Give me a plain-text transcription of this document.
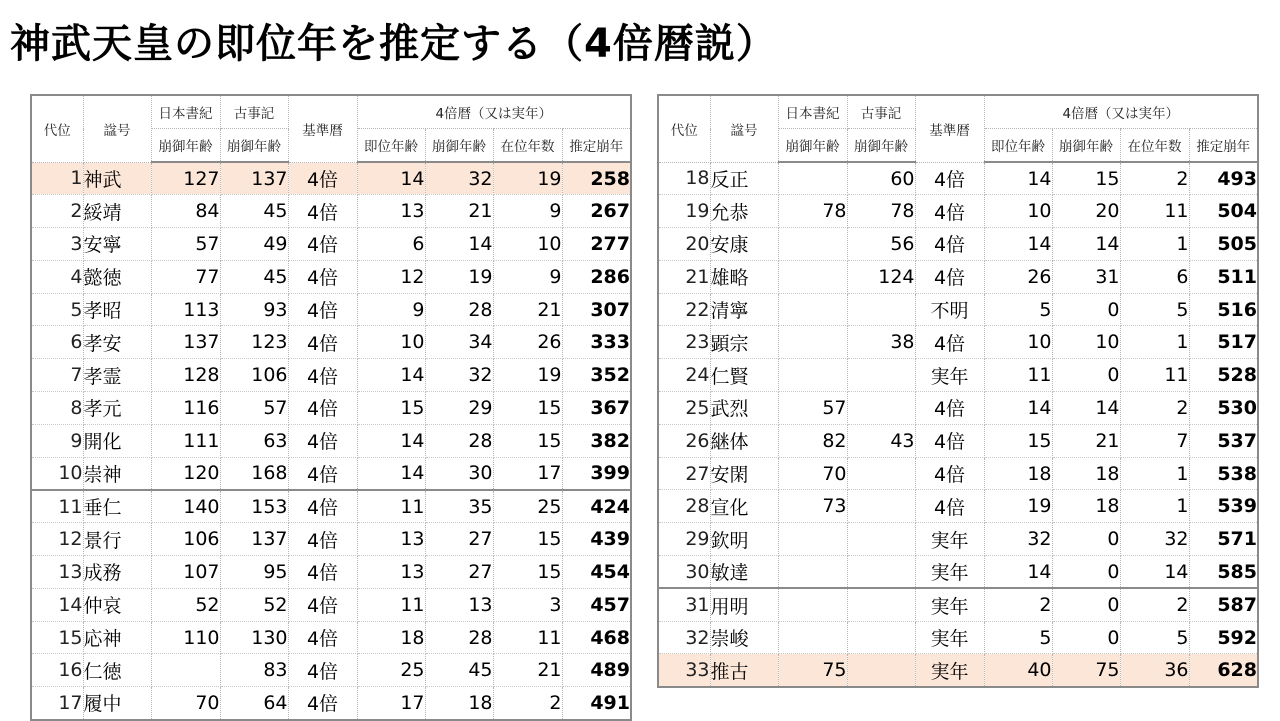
神武天皇の即位年を推定する（4倍暦説）
代位	諡号	日本書紀	古事記	基準暦	4倍暦（又は実年）			
		崩御年齢	崩御年齢		即位年齢	崩御年齢	在位年数	推定崩年
1	神武	127	137	4倍	14	32	19	258
2	綏靖	84	45	4倍	13	21	9	267
3	安寧	57	49	4倍	6	14	10	277
4	懿徳	77	45	4倍	12	19	9	286
5	孝昭	113	93	4倍	9	28	21	307
6	孝安	137	123	4倍	10	34	26	333
7	孝霊	128	106	4倍	14	32	19	352
8	孝元	116	57	4倍	15	29	15	367
9	開化	111	63	4倍	14	28	15	382
10	崇神	120	168	4倍	14	30	17	399
11	垂仁	140	153	4倍	11	35	25	424
12	景行	106	137	4倍	13	27	15	439
13	成務	107	95	4倍	13	27	15	454
14	仲哀	52	52	4倍	11	13	3	457
15	応神	110	130	4倍	18	28	11	468
16	仁徳		83	4倍	25	45	21	489
17	履中	70	64	4倍	17	18	2	491
代位	諡号	日本書紀	古事記	基準暦	4倍暦（又は実年）			
		崩御年齢	崩御年齢		即位年齢	崩御年齢	在位年数	推定崩年
18	反正		60	4倍	14	15	2	493
19	允恭	78	78	4倍	10	20	11	504
20	安康		56	4倍	14	14	1	505
21	雄略		124	4倍	26	31	6	511
22	清寧			不明	5	0	5	516
23	顕宗		38	4倍	10	10	1	517
24	仁賢			実年	11	0	11	528
25	武烈	57		4倍	14	14	2	530
26	継体	82	43	4倍	15	21	7	537
27	安閑	70		4倍	18	18	1	538
28	宣化	73		4倍	19	18	1	539
29	欽明			実年	32	0	32	571
30	敏達			実年	14	0	14	585
31	用明			実年	2	0	2	587
32	崇峻			実年	5	0	5	592
33	推古	75		実年	40	75	36	628
